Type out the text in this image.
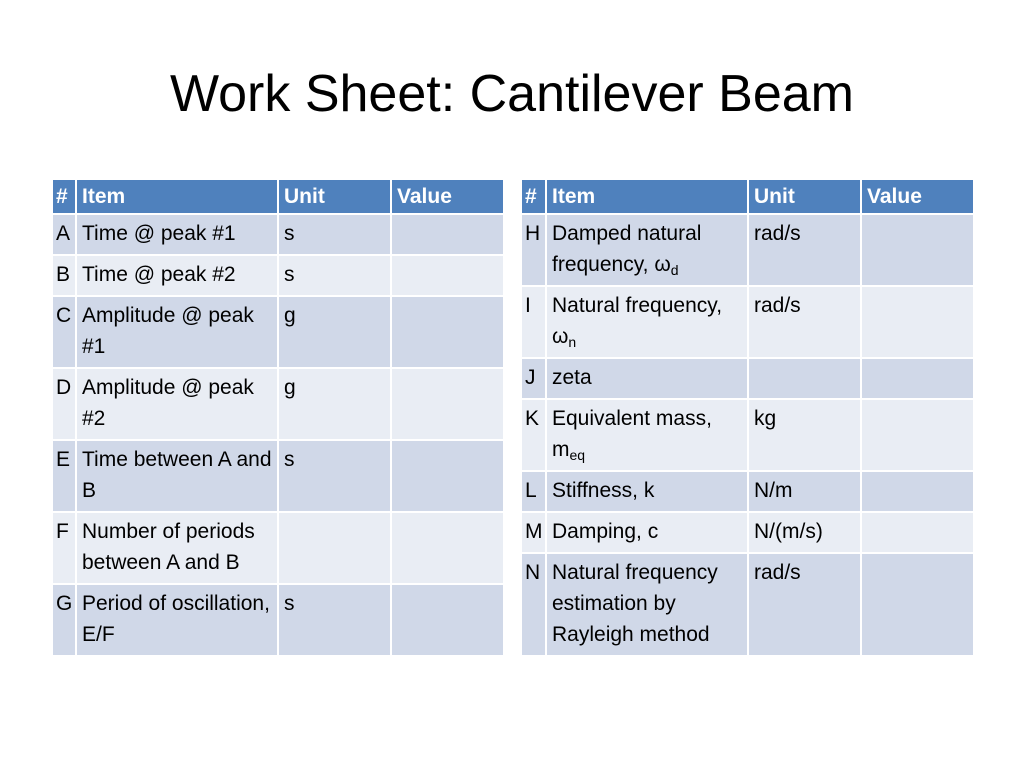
Work Sheet: Cantilever Beam
#	Item	Unit	Value
A	Time @ peak #1	s	
B	Time @ peak #2	s	
C	Amplitude @ peak #1	g	
D	Amplitude @ peak #2	g	
E	Time between A and B	s	
F	Number of periods between A and B		
G	Period of oscillation, E/F	s	
#	Item	Unit	Value
H	Damped natural frequency, $\omega_d$	rad/s	
I	Natural frequency, $\omega_n$	rad/s	
J	zeta		
K	Equivalent mass, $m_{eq}$	kg	
L	Stiffness, k	N/m	
M	Damping, c	N/(m/s)	
N	Natural frequency estimation by Rayleigh method	rad/s	
